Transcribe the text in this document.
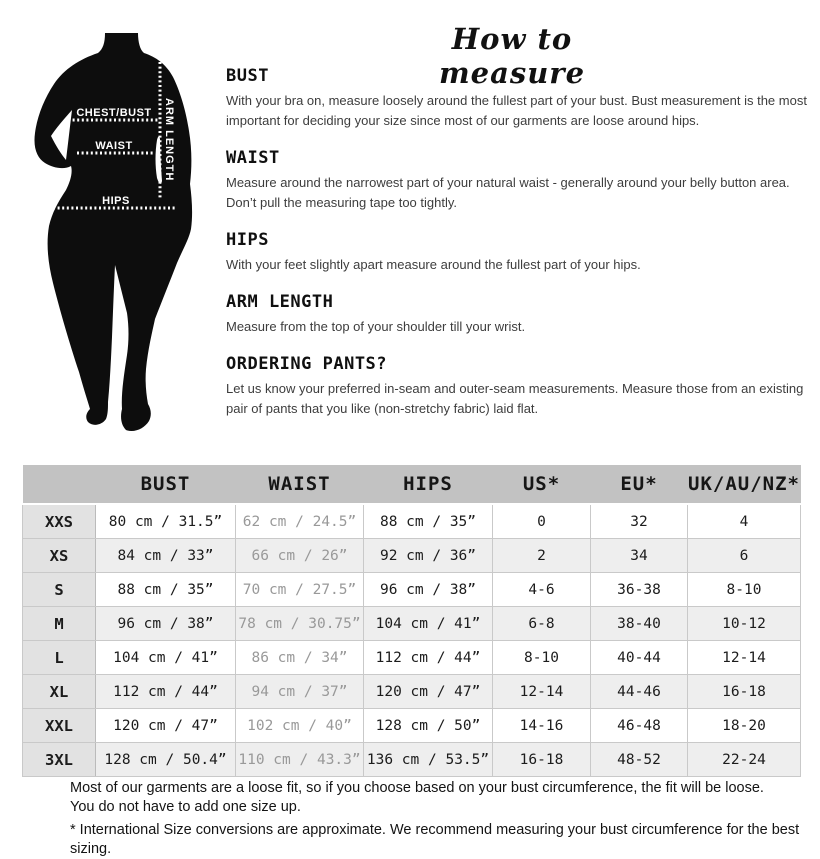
How to measure
CHEST/BUST
WAIST
HIPS
ARM LENGTH
BUST

With your bra on, measure loosely around the fullest part of your bust. Bust measurement is the most important for deciding your size since most of our garments are loose around hips.

WAIST

Measure around the narrowest part of your natural waist - generally around your belly button area. Don’t pull the measuring tape too tightly.

HIPS

With your feet slightly apart measure around the fullest part of your hips.

ARM LENGTH

Measure from the top of your shoulder till your wrist.

ORDERING PANTS?

Let us know your preferred in-seam and outer-seam measurements. Measure those from an existing pair of pants that you like (non-stretchy fabric) laid flat.

	BUST	WAIST	HIPS	US*	EU*	UK/AU/NZ*
XXS	80 cm / 31.5”	62 cm / 24.5”	88 cm / 35”	0	32	4
XS	84 cm / 33”	66 cm / 26”	92 cm / 36”	2	34	6
S	88 cm / 35”	70 cm / 27.5”	96 cm / 38”	4-6	36-38	8-10
M	96 cm / 38”	78 cm / 30.75”	104 cm / 41”	6-8	38-40	10-12
L	104 cm / 41”	86 cm / 34”	112 cm / 44”	8-10	40-44	12-14
XL	112 cm / 44”	94 cm / 37”	120 cm / 47”	12-14	44-46	16-18
XXL	120 cm / 47”	102 cm / 40”	128 cm / 50”	14-16	46-48	18-20
3XL	128 cm / 50.4”	110 cm / 43.3”	136 cm / 53.5”	16-18	48-52	22-24
Most of our garments are a loose fit, so if you choose based on your bust circumference, the fit will be loose.
You do not have to add one size up.
* International Size conversions are approximate. We recommend measuring your bust circumference for the best sizing.
